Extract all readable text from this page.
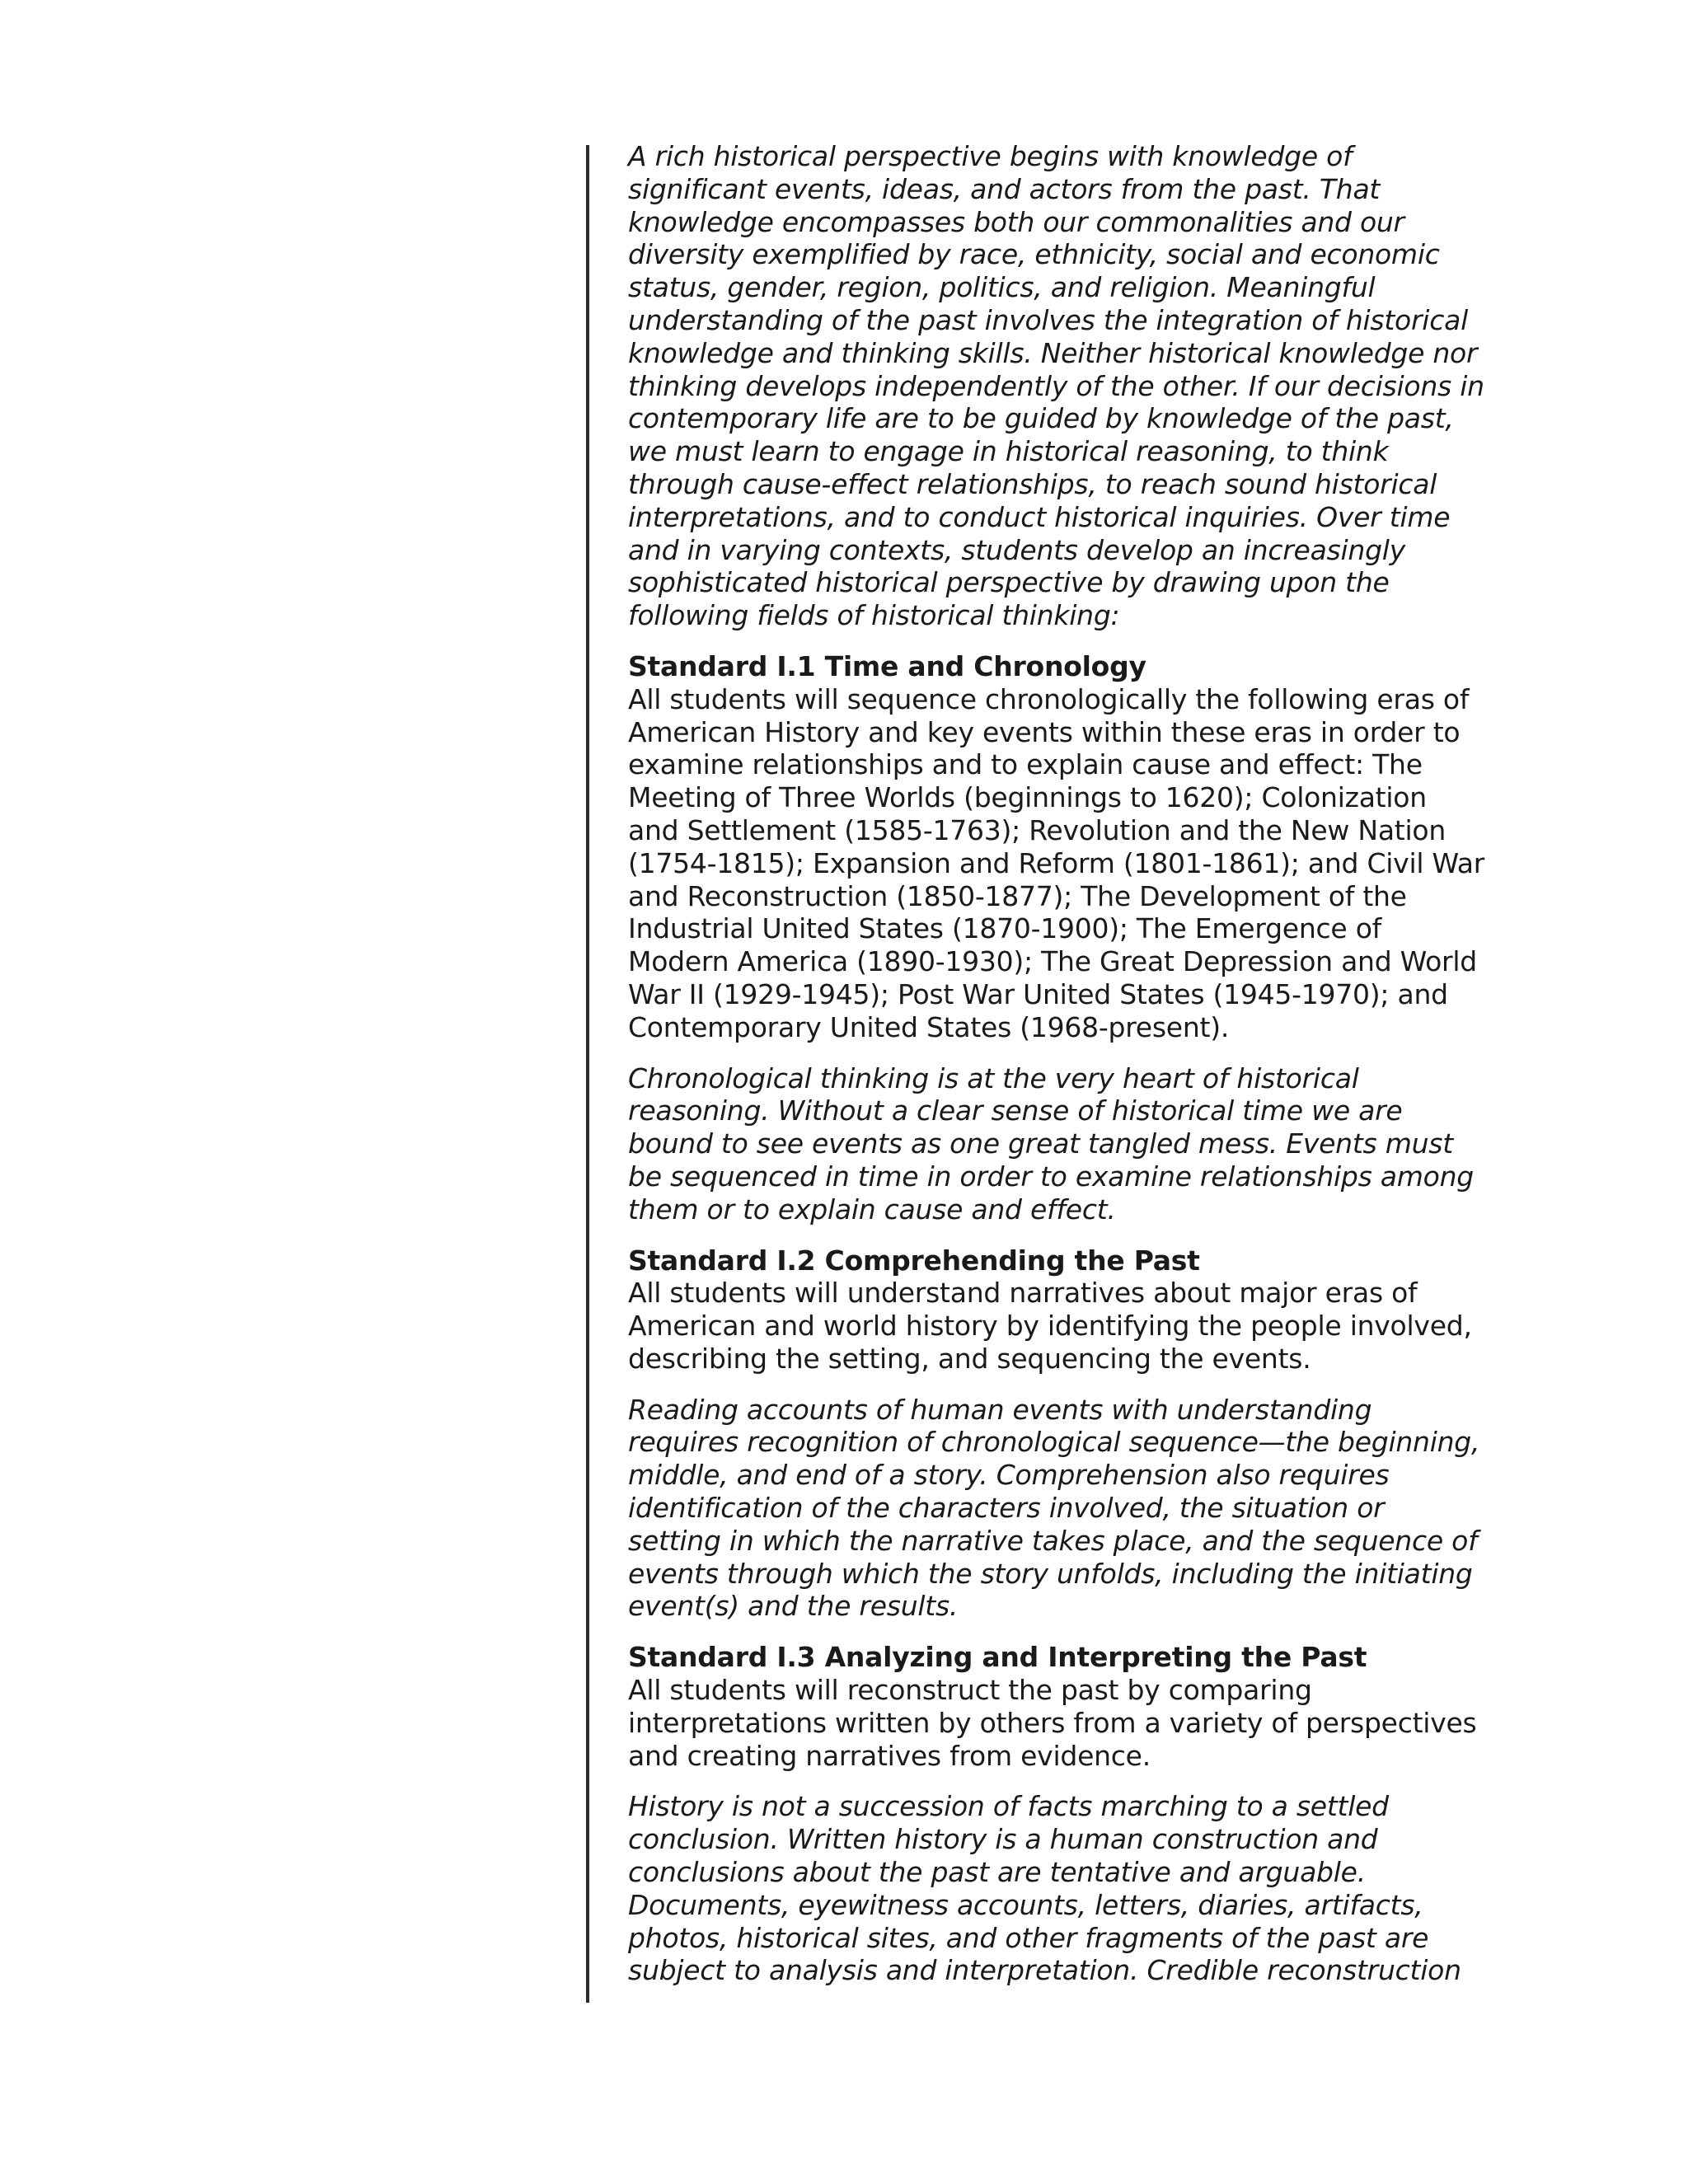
A rich historical perspective begins with knowledge of significant events, ideas, and actors from the past. That knowledge encompasses both our commonalities and our diversity exemplified by race, ethnicity, social and economic status, gender, region, politics, and religion. Meaningful understanding of the past involves the integration of historical knowledge and thinking skills. Neither historical knowledge nor thinking develops independently of the other. If our decisions in contemporary life are to be guided by knowledge of the past, we must learn to engage in historical reasoning, to think through cause-effect relationships, to reach sound historical interpretations, and to conduct historical inquiries. Over time and in varying contexts, students develop an increasingly sophisticated historical perspective by drawing upon the following fields of historical thinking:

Standard I.1 Time and Chronology
All students will sequence chronologically the following eras of American History and key events within these eras in order to examine relationships and to explain cause and effect: The Meeting of Three Worlds (beginnings to 1620); Colonization and Settlement (1585-1763); Revolution and the New Nation (1754-1815); Expansion and Reform (1801-1861); and Civil War and Reconstruction (1850-1877); The Development of the Industrial United States (1870-1900); The Emergence of Modern America (1890-1930); The Great Depression and World War II (1929-1945); Post War United States (1945-1970); and Contemporary United States (1968-present).

Chronological thinking is at the very heart of historical reasoning. Without a clear sense of historical time we are bound to see events as one great tangled mess. Events must be sequenced in time in order to examine relationships among them or to explain cause and effect.

Standard I.2 Comprehending the Past
All students will understand narratives about major eras of American and world history by identifying the people involved, describing the setting, and sequencing the events.

Reading accounts of human events with understanding requires recognition of chronological sequence—the beginning, middle, and end of a story. Comprehension also requires identification of the characters involved, the situation or setting in which the narrative takes place, and the sequence of events through which the story unfolds, including the initiating event(s) and the results.

Standard I.3 Analyzing and Interpreting the Past
All students will reconstruct the past by comparing interpretations written by others from a variety of perspectives and creating narratives from evidence.

History is not a succession of facts marching to a settled conclusion. Written history is a human construction and conclusions about the past are tentative and arguable. Documents, eyewitness accounts, letters, diaries, artifacts, photos, historical sites, and other fragments of the past are subject to analysis and interpretation. Credible reconstruction
